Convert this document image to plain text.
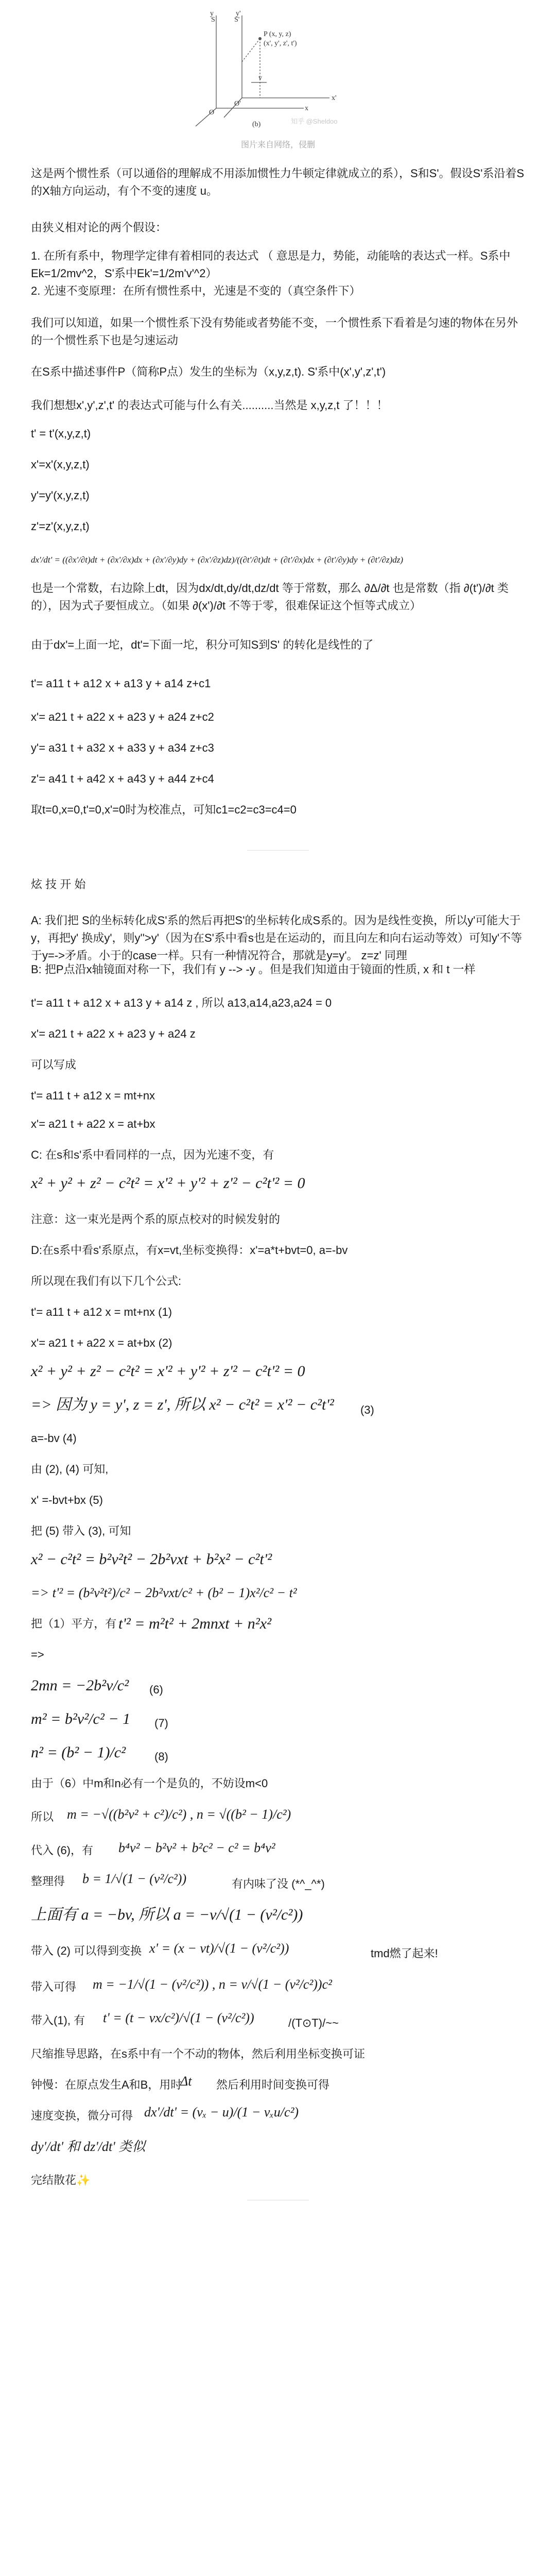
S
y
S'
y'
P (x, y, z)
(x', y', z', t')
v
O
O'
x
x'
(b)	知乎 @Sheldoo
图片来自网络，侵删

这是两个惯性系（可以通俗的理解成不用添加惯性力牛顿定律就成立的系），S和S'。假设S'系沿着S的X轴方向运动，有个不变的速度 u。

由狭义相对论的两个假设：

1. 在所有系中，物理学定律有着相同的表达式 （ 意思是力，势能，动能啥的表达式一样。S系中 Ek=1/2mv^2，S'系中Ek'=1/2m'v'^2）

2. 光速不变原理：在所有惯性系中，光速是不变的（真空条件下）

我们可以知道，如果一个惯性系下没有势能或者势能不变，一个惯性系下看着是匀速的物体在另外的一个惯性系下也是匀速运动

在S系中描述事件P（简称P点）发生的坐标为（x,y,z,t). S'系中(x',y',z',t')

我们想想x',y',z',t' 的表达式可能与什么有关..........当然是 x,y,z,t 了！！！

t' = t'(x,y,z,t)

x'=x'(x,y,z,t)

y'=y'(x,y,z,t)

z'=z'(x,y,z,t)

dx'/dt' = ((∂x'/∂t)dt + (∂x'/∂x)dx + (∂x'/∂y)dy + (∂x'/∂z)dz)/((∂t'/∂t)dt + (∂t'/∂x)dx + (∂t'/∂y)dy + (∂t'/∂z)dz)

也是一个常数，右边除上dt，因为dx/dt,dy/dt,dz/dt 等于常数，那么 ∂Δ/∂t 也是常数（指 ∂(t')/∂t 类的），因为式子要恒成立。（如果 ∂(x')/∂t 不等于零，很难保证这个恒等式成立）

由于dx'=上面一坨，dt'=下面一坨，积分可知S到S' 的转化是线性的了

t'= a11 t + a12 x + a13 y + a14 z+c1

x'= a21 t + a22 x + a23 y + a24 z+c2

y'= a31 t + a32 x + a33 y + a34 z+c3

z'= a41 t + a42 x + a43 y + a44 z+c4

取t=0,x=0,t'=0,x'=0时为校准点，可知c1=c2=c3=c4=0

炫 技 开 始

A: 我们把 S的坐标转化成S'系的然后再把S'的坐标转化成S系的。因为是线性变换，所以y'可能大于y，再把y' 换成y'，则y''>y'（因为在S'系中看s也是在运动的，而且向左和向右运动等效）可知y'不等于y=->矛盾。小于的case一样。只有一种情况符合，那就是y=y'。 z=z' 同理

B: 把P点沿x轴镜面对称一下，我们有 y --> -y 。但是我们知道由于镜面的性质, x 和 t 一样

t'= a11 t + a12 x + a13 y + a14 z , 所以 a13,a14,a23,a24 = 0

x'= a21 t + a22 x + a23 y + a24 z

可以写成

t'= a11 t + a12 x = mt+nx

x'= a21 t + a22 x = at+bx

C: 在s和s'系中看同样的一点，因为光速不变，有

x² + y² + z² − c²t² = x'² + y'² + z'² − c²t'² = 0

注意：这一束光是两个系的原点校对的时候发射的

D:在s系中看s'系原点，有x=vt,坐标变换得：x'=a*t+bvt=0, a=-bv

所以现在我们有以下几个公式:

t'= a11 t + a12 x = mt+nx (1)

x'= a21 t + a22 x = at+bx (2)

x² + y² + z² − c²t² = x'² + y'² + z'² − c²t'² = 0

=> 因为 y = y', z = z', 所以 x² − c²t² = x'² − c²t'²	(3)

a=-bv (4)

由 (2), (4) 可知,

x' =-bvt+bx (5)

把 (5) 带入 (3), 可知

x² − c²t² = b²v²t² − 2b²vxt + b²x² − c²t'²

=> t'² = (b²v²t²)/c² − 2b²vxt/c² + (b² − 1)x²/c² − t²

把（1）平方，有 t'² = m²t² + 2mnxt + n²x²

=>

2mn = −2b²v/c²	(6)

m² = b²v²/c² − 1	(7)

n² = (b² − 1)/c²	(8)

由于（6）中m和n必有一个是负的，不妨设m<0

所以 m = −√((b²v² + c²)/c²) , n = √((b² − 1)/c²)

代入 (6)，有	b⁴v² − b²v² + b²c² − c² = b⁴v²

整理得	b = 1/√(1 − (v²/c²))	有内味了没 (*^_^*)

上面有 a = −bv, 所以 a = −v/√(1 − (v²/c²))

带入 (2) 可以得到变换 x' = (x − vt)/√(1 − (v²/c²))	tmd燃了起来!

带入可得	m = −1/√(1 − (v²/c²)) , n = v/√(1 − (v²/c²))c²

带入(1), 有	t' = (t − vx/c²)/√(1 − (v²/c²))	/(T⊙T)/~~

尺缩推导思路，在s系中有一个不动的物体，然后利用坐标变换可证

钟慢：在原点发生A和B，用时

Δt	然后利用时间变换可得

速度变换，微分可得 dx'/dt' = (vₓ − u)/(1 − vₓu/c²)

dy'/dt' 和 dz'/dt' 类似

完结散花✨
